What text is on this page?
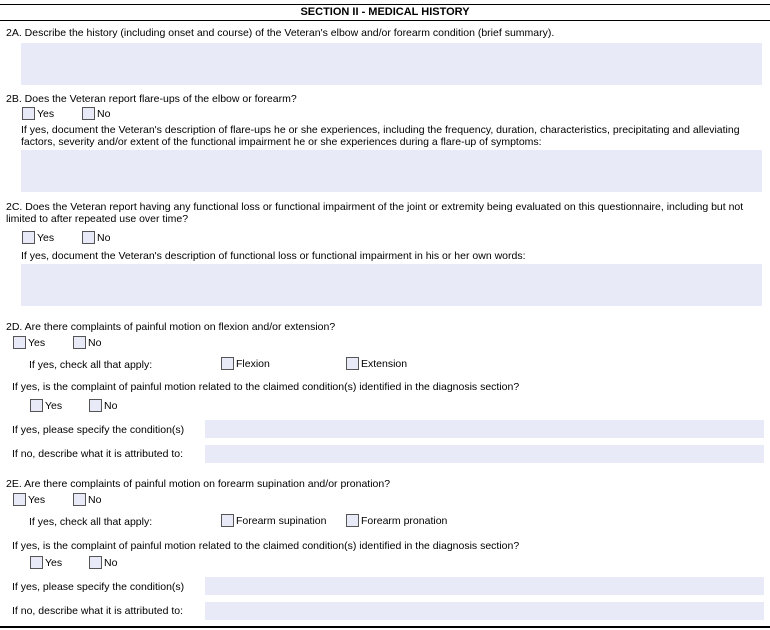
SECTION II - MEDICAL HISTORY
2A. Describe the history (including onset and course) of the Veteran's elbow and/or forearm condition (brief summary).
2B. Does the Veteran report flare-ups of the elbow or forearm?
Yes	No
If yes, document the Veteran's description of flare-ups he or she experiences, including the frequency, duration, characteristics, precipitating and alleviating factors, severity and/or extent of the functional impairment he or she experiences during a flare-up of symptoms:
2C. Does the Veteran report having any functional loss or functional impairment of the joint or extremity being evaluated on this questionnaire, including but not limited to after repeated use over time?
Yes	No
If yes, document the Veteran's description of functional loss or functional impairment in his or her own words:
2D. Are there complaints of painful motion on flexion and/or extension?
Yes	No
If yes, check all that apply:	Flexion	Extension
If yes, is the complaint of painful motion related to the claimed condition(s) identified in the diagnosis section?
Yes	No
If yes, please specify the condition(s)
If no, describe what it is attributed to:
2E. Are there complaints of painful motion on forearm supination and/or pronation?
Yes	No
If yes, check all that apply:	Forearm supination	Forearm pronation
If yes, is the complaint of painful motion related to the claimed condition(s) identified in the diagnosis section?
Yes	No
If yes, please specify the condition(s)
If no, describe what it is attributed to:
